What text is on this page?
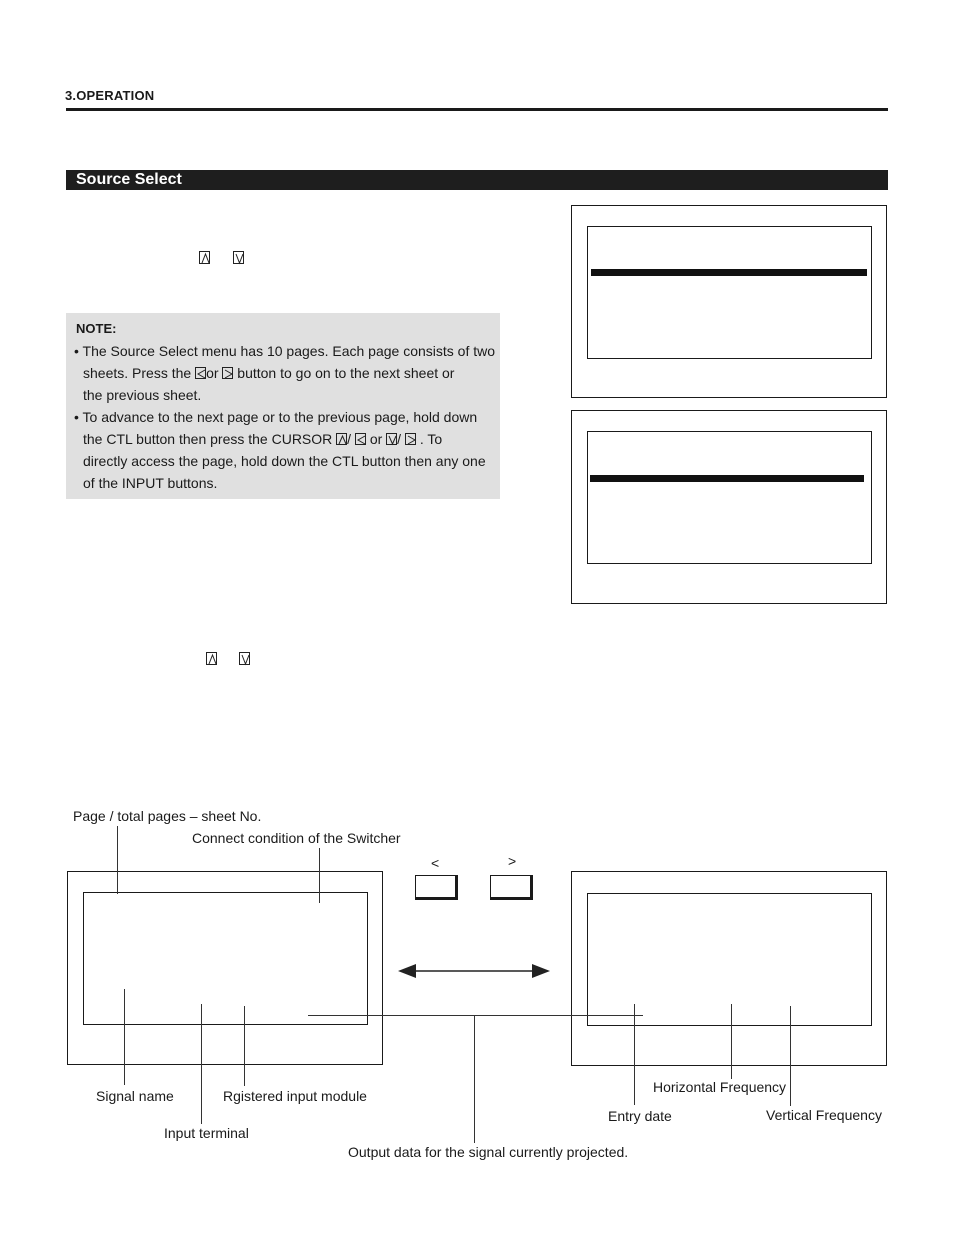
3.OPERATION
Source Select
NOTE:
• The Source Select menu has 10 pages. Each page consists of two
sheets. Press the or button to go on to the next sheet or
the previous sheet.
• To advance to the next page or to the previous page, hold down
the CTL button then press the CURSOR / or / . To
directly access the page, hold down the CTL button then any one
of the INPUT buttons.
Page / total pages – sheet No.
Connect condition of the Switcher
<	>
Signal name	Rgistered input module
Input terminal
Output data for the signal currently projected.
Horizontal Frequency
Entry date	Vertical Frequency
